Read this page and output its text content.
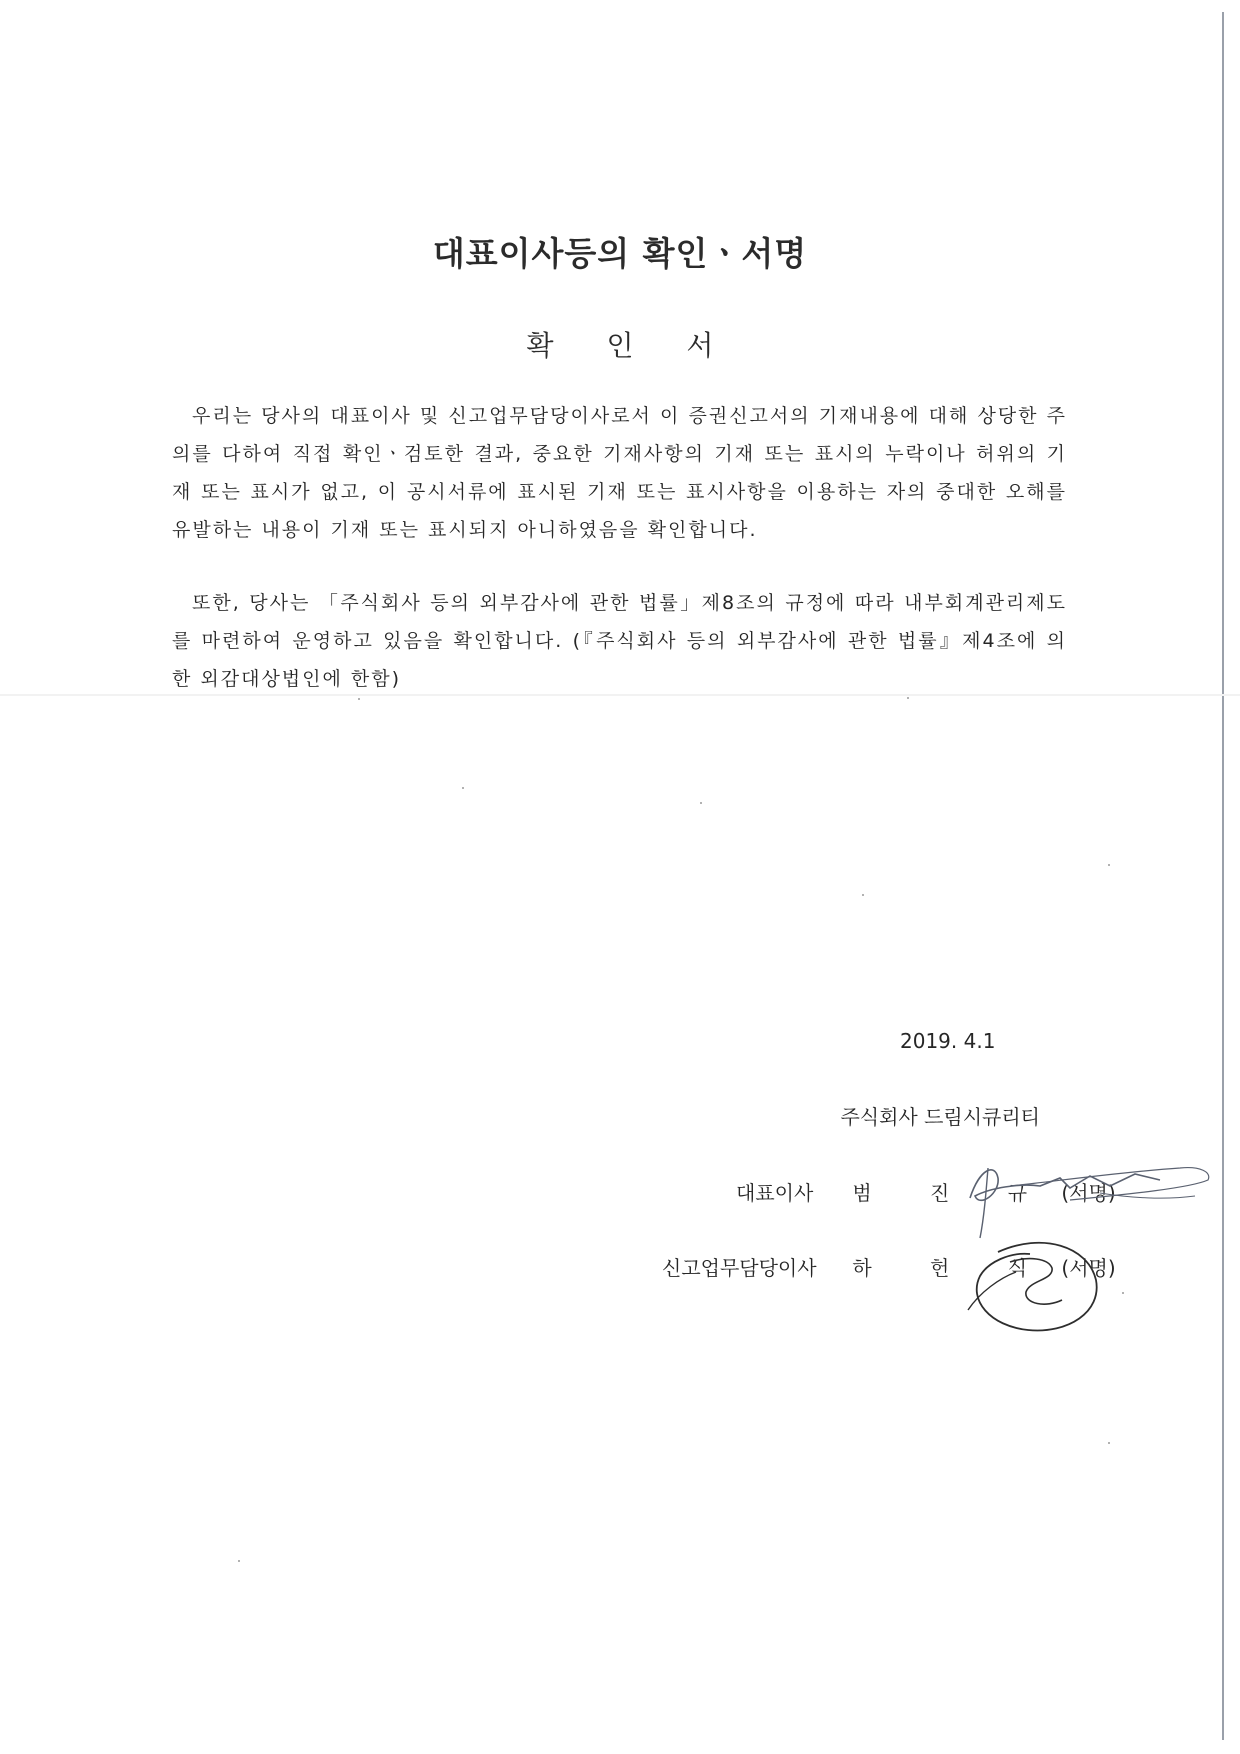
대표이사등의 확인ㆍ서명
확 인 서

우리는 당사의 대표이사 및 신고업무담당이사로서 이 증권신고서의 기재내용에 대해 상당한 주의를 다하여 직접 확인ㆍ검토한 결과, 중요한 기재사항의 기재 또는 표시의 누락이나 허위의 기재 또는 표시가 없고, 이 공시서류에 표시된 기재 또는 표시사항을 이용하는 자의 중대한 오해를 유발하는 내용이 기재 또는 표시되지 아니하였음을 확인합니다.

또한, 당사는 「주식회사 등의 외부감사에 관한 법률」제8조의 규정에 따라 내부회계관리제도를 마련하여 운영하고 있음을 확인합니다. (『주식회사 등의 외부감사에 관한 법률』제4조에 의한 외감대상법인에 한함)

2019. 4.1
주식회사 드림시큐리티
대표이사 범 진 규 (서명)
신고업무담당이사 하 헌 식 (서명)
